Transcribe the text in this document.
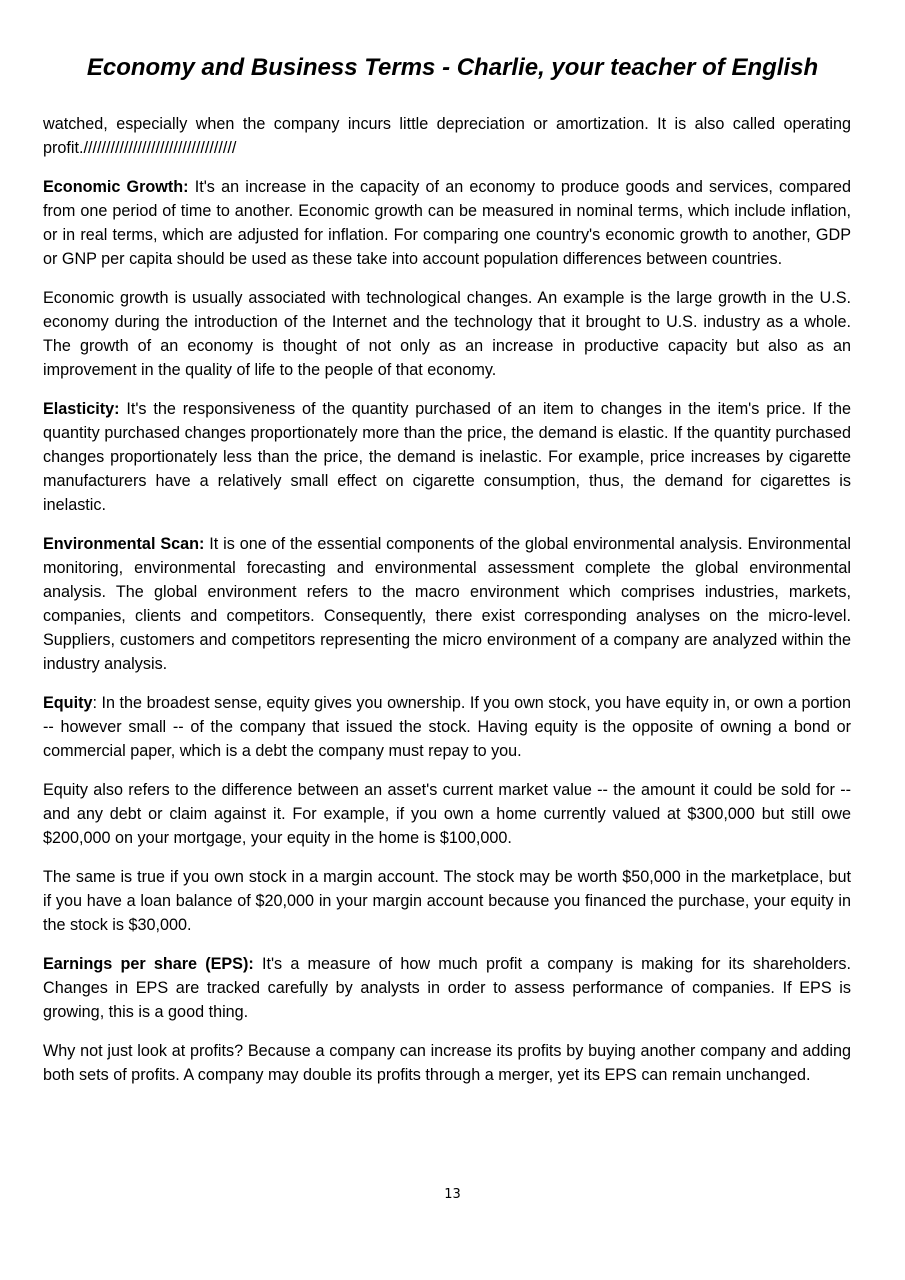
Economy and Business Terms - Charlie, your teacher of English

watched, especially when the company incurs little depreciation or amortization. It is also called operating profit.//////////////////////////////////

Economic Growth: It's an increase in the capacity of an economy to produce goods and services, compared from one period of time to another. Economic growth can be measured in nominal terms, which include inflation, or in real terms, which are adjusted for inflation. For comparing one country's economic growth to another, GDP or GNP per capita should be used as these take into account population differences between countries.

Economic growth is usually associated with technological changes. An example is the large growth in the U.S. economy during the introduction of the Internet and the technology that it brought to U.S. industry as a whole. The growth of an economy is thought of not only as an increase in productive capacity but also as an improvement in the quality of life to the people of that economy.

Elasticity: It's the responsiveness of the quantity purchased of an item to changes in the item's price. If the quantity purchased changes proportionately more than the price, the demand is elastic. If the quantity purchased changes proportionately less than the price, the demand is inelastic. For example, price increases by cigarette manufacturers have a relatively small effect on cigarette consumption, thus, the demand for cigarettes is inelastic.

Environmental Scan: It is one of the essential components of the global environmental analysis. Environmental monitoring, environmental forecasting and environmental assessment complete the global environmental analysis. The global environment refers to the macro environment which comprises industries, markets, companies, clients and competitors. Consequently, there exist corresponding analyses on the micro-level. Suppliers, customers and competitors representing the micro environment of a company are analyzed within the industry analysis.

Equity: In the broadest sense, equity gives you ownership. If you own stock, you have equity in, or own a portion -- however small -- of the company that issued the stock. Having equity is the opposite of owning a bond or commercial paper, which is a debt the company must repay to you.

Equity also refers to the difference between an asset's current market value -- the amount it could be sold for -- and any debt or claim against it. For example, if you own a home currently valued at $300,000 but still owe $200,000 on your mortgage, your equity in the home is $100,000.

The same is true if you own stock in a margin account. The stock may be worth $50,000 in the marketplace, but if you have a loan balance of $20,000 in your margin account because you financed the purchase, your equity in the stock is $30,000.

Earnings per share (EPS): It's a measure of how much profit a company is making for its shareholders. Changes in EPS are tracked carefully by analysts in order to assess performance of companies. If EPS is growing, this is a good thing.

Why not just look at profits? Because a company can increase its profits by buying another company and adding both sets of profits. A company may double its profits through a merger, yet its EPS can remain unchanged.

13
